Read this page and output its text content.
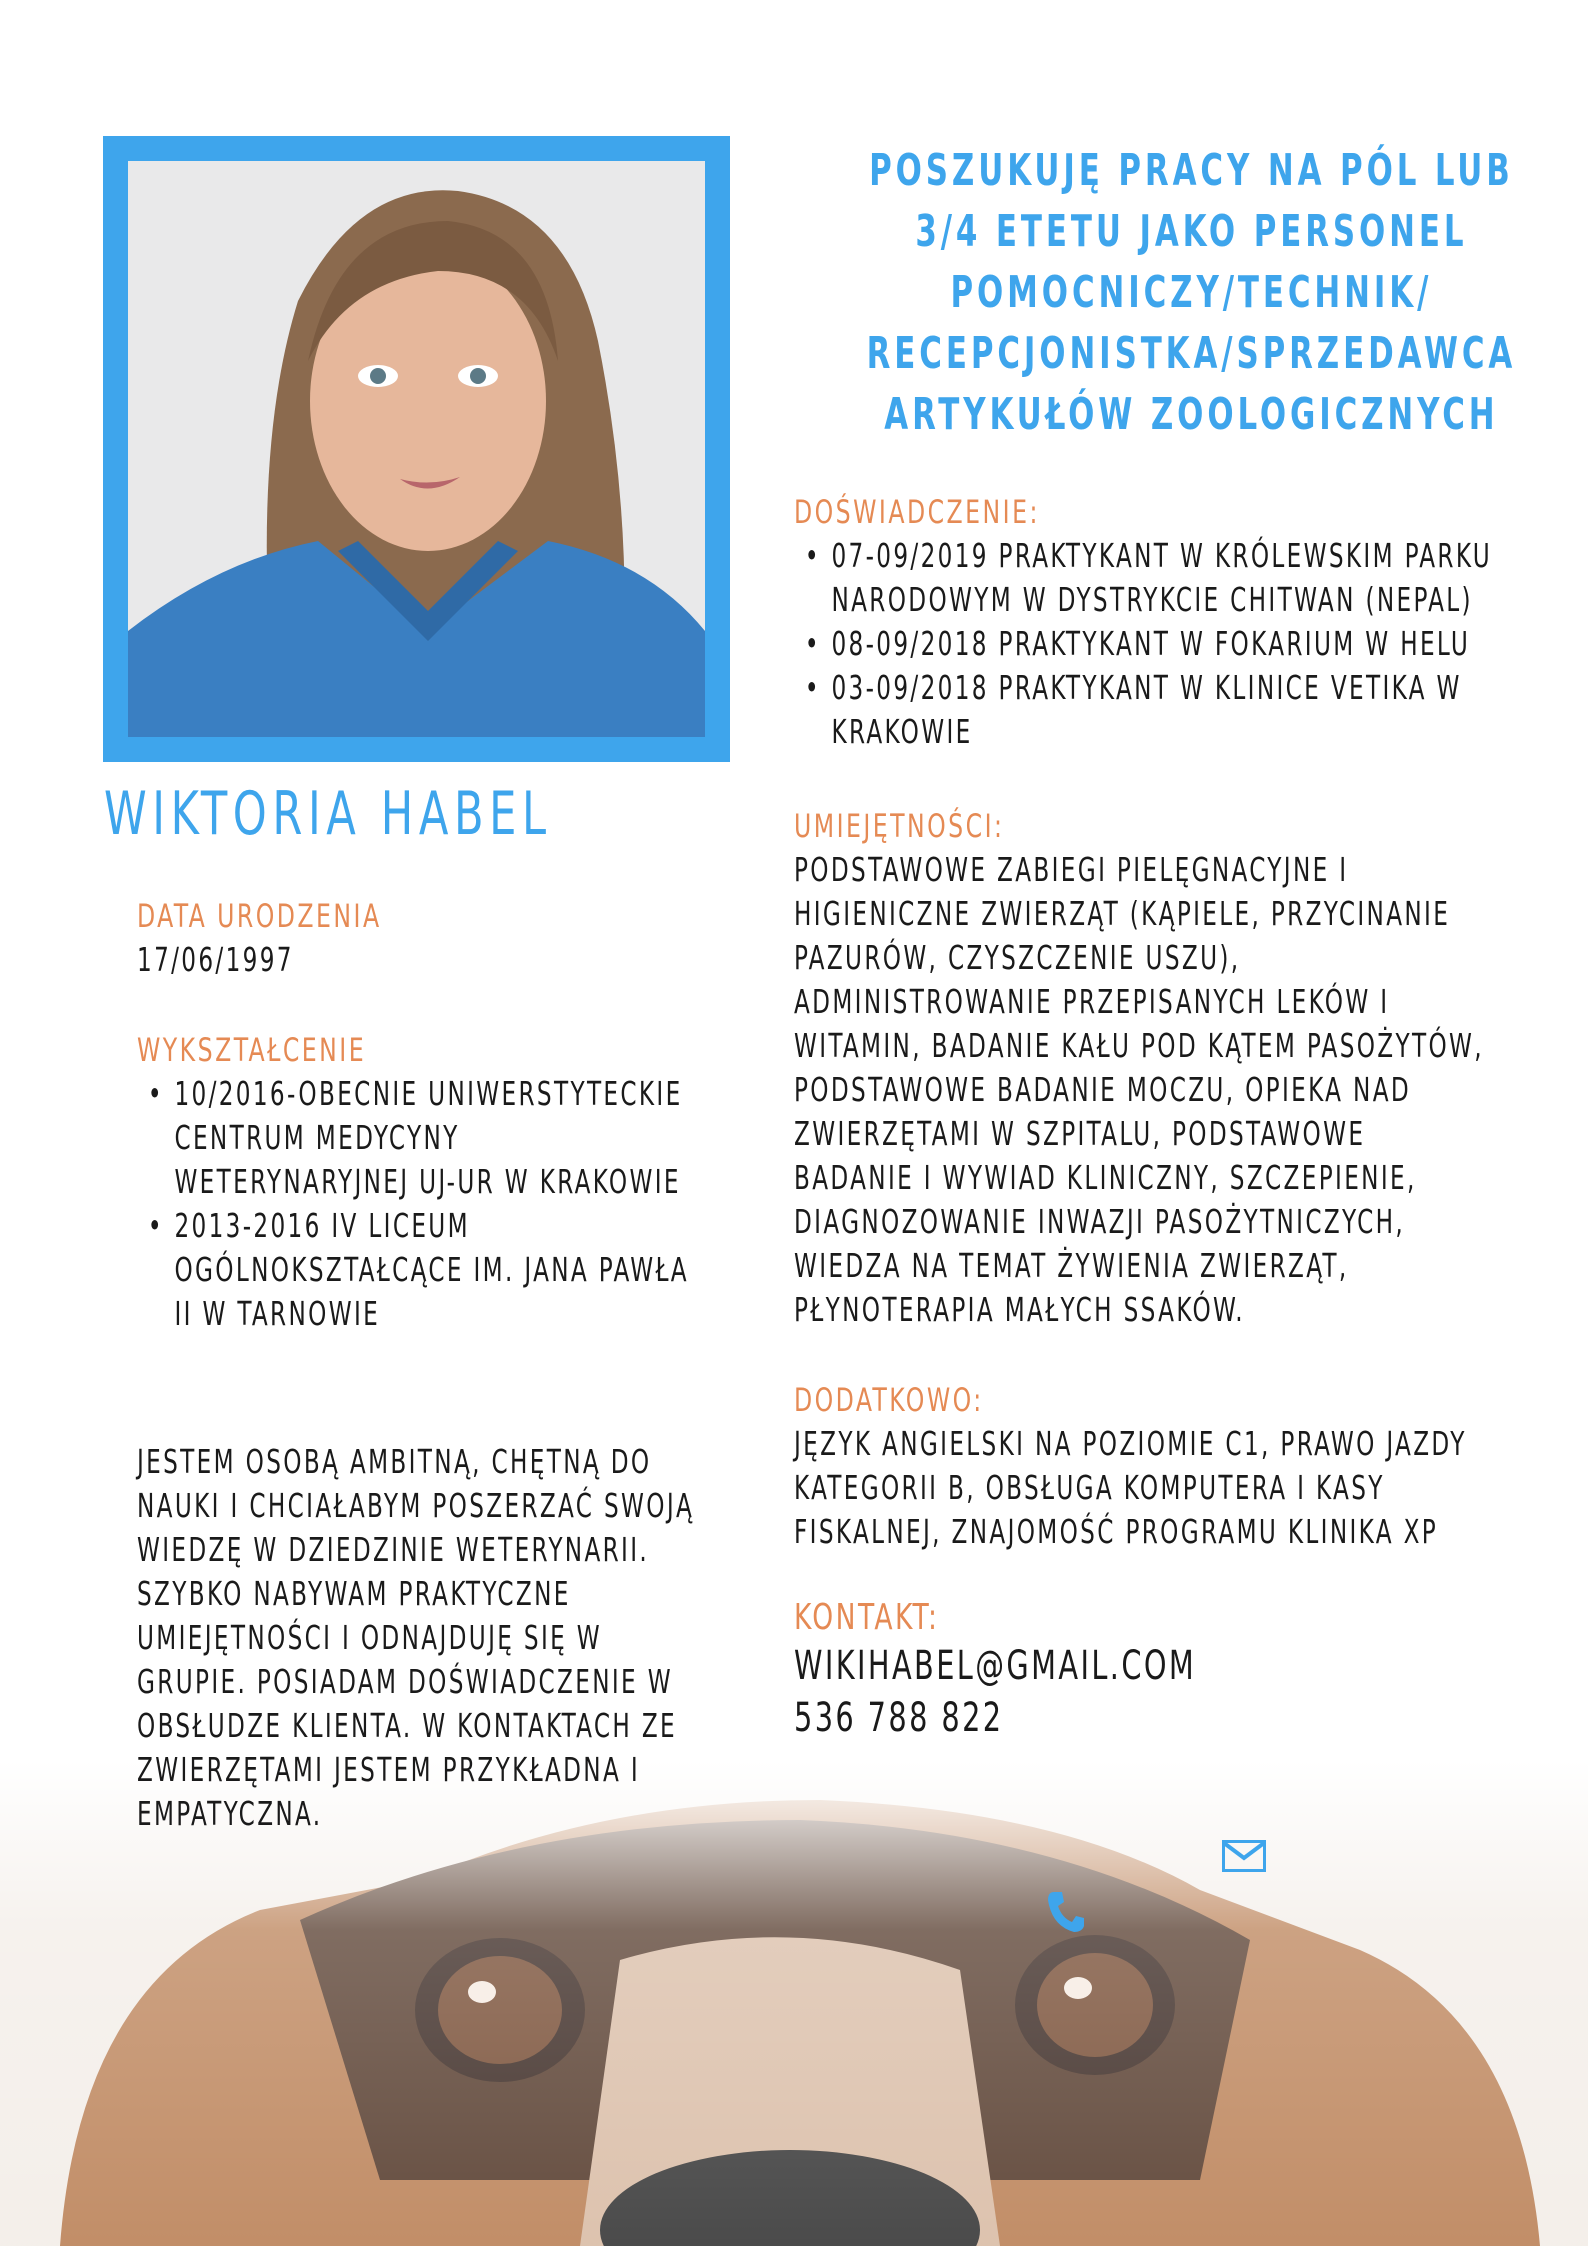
POSZUKUJĘ PRACY NA PÓL LUB 3/4 ETETU JAKO PERSONEL POMOCNICZY/TECHNIK/ RECEPCJONISTKA/SPRZEDAWCA ARTYKUŁÓW ZOOLOGICZNYCH
WIKTORIA HABEL
DATA URODZENIA
17/06/1997
WYKSZTAŁCENIE
• 10/2016-OBECNIE UNIWERSTYTECKIE CENTRUM MEDYCYNY WETERYNARYJNEJ UJ-UR W KRAKOWIE
• 2013-2016 IV LICEUM OGÓLNOKSZTAŁCĄCE IM. JANA PAWŁA II W TARNOWIE
JESTEM OSOBĄ AMBITNĄ, CHĘTNĄ DO NAUKI I CHCIAŁABYM POSZERZAĆ SWOJĄ WIEDZĘ W DZIEDZINIE WETERYNARII. SZYBKO NABYWAM PRAKTYCZNE UMIEJĘTNOŚCI I ODNAJDUJĘ SIĘ W GRUPIE. POSIADAM DOŚWIADCZENIE W OBSŁUDZE KLIENTA. W KONTAKTACH ZE ZWIERZĘTAMI JESTEM PRZYKŁADNA I EMPATYCZNA.
DOŚWIADCZENIE:
• 07-09/2019 PRAKTYKANT W KRÓLEWSKIM PARKU NARODOWYM W DYSTRYKCIE CHITWAN (NEPAL)
• 08-09/2018 PRAKTYKANT W FOKARIUM W HELU
• 03-09/2018 PRAKTYKANT W KLINICE VETIKA W KRAKOWIE
UMIEJĘTNOŚCI:
PODSTAWOWE ZABIEGI PIELĘGNACYJNE I HIGIENICZNE ZWIERZĄT (KĄPIELE, PRZYCINANIE PAZURÓW, CZYSZCZENIE USZU), ADMINISTROWANIE PRZEPISANYCH LEKÓW I WITAMIN, BADANIE KAŁU POD KĄTEM PASOŻYTÓW, PODSTAWOWE BADANIE MOCZU, OPIEKA NAD ZWIERZĘTAMI W SZPITALU, PODSTAWOWE BADANIE I WYWIAD KLINICZNY, SZCZEPIENIE, DIAGNOZOWANIE INWAZJI PASOŻYTNICZYCH, WIEDZA NA TEMAT ŻYWIENIA ZWIERZĄT, PŁYNOTERAPIA MAŁYCH SSAKÓW.
DODATKOWO:
JĘZYK ANGIELSKI NA POZIOMIE C1, PRAWO JAZDY KATEGORII B, OBSŁUGA KOMPUTERA I KASY FISKALNEJ, ZNAJOMOŚĆ PROGRAMU KLINIKA XP
KONTAKT:
WIKIHABEL@GMAIL.COM
536 788 822
